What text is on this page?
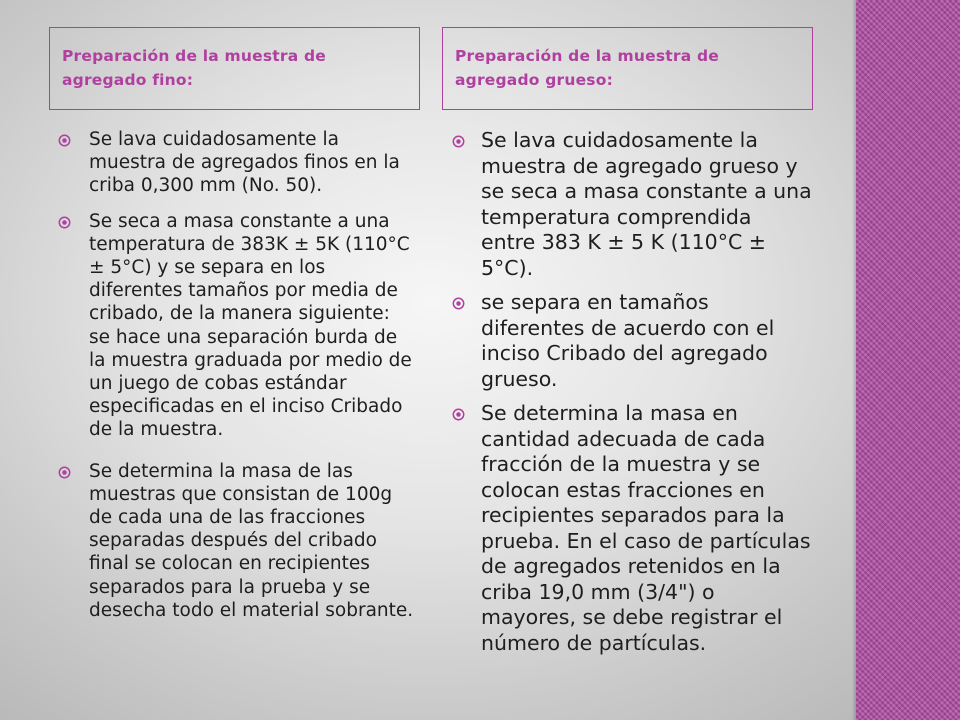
Preparación de la muestra de agregado fino:
Preparación de la muestra de agregado grueso:
Se lava cuidadosamente la muestra de agregados finos en la criba 0,300 mm (No. 50).
Se seca a masa constante a una temperatura de 383K ± 5K (110°C ± 5°C) y se separa en los diferentes tamaños por media de cribado, de la manera siguiente: se hace una separación burda de la muestra graduada por medio de un juego de cobas estándar especificadas en el inciso Cribado de la muestra.
Se determina la masa de las muestras que consistan de 100g de cada una de las fracciones separadas después del cribado final se colocan en recipientes separados para la prueba y se desecha todo el material sobrante.
Se lava cuidadosamente la muestra de agregado grueso y se seca a masa constante a una temperatura comprendida entre 383 K ± 5 K (110°C ± 5°C).
se separa en tamaños diferentes de acuerdo con el inciso Cribado del agregado grueso.
Se determina la masa en cantidad adecuada de cada fracción de la muestra y se colocan estas fracciones en recipientes separados para la prueba. En el caso de partículas de agregados retenidos en la criba 19,0 mm (3/4") o mayores, se debe registrar el número de partículas.
